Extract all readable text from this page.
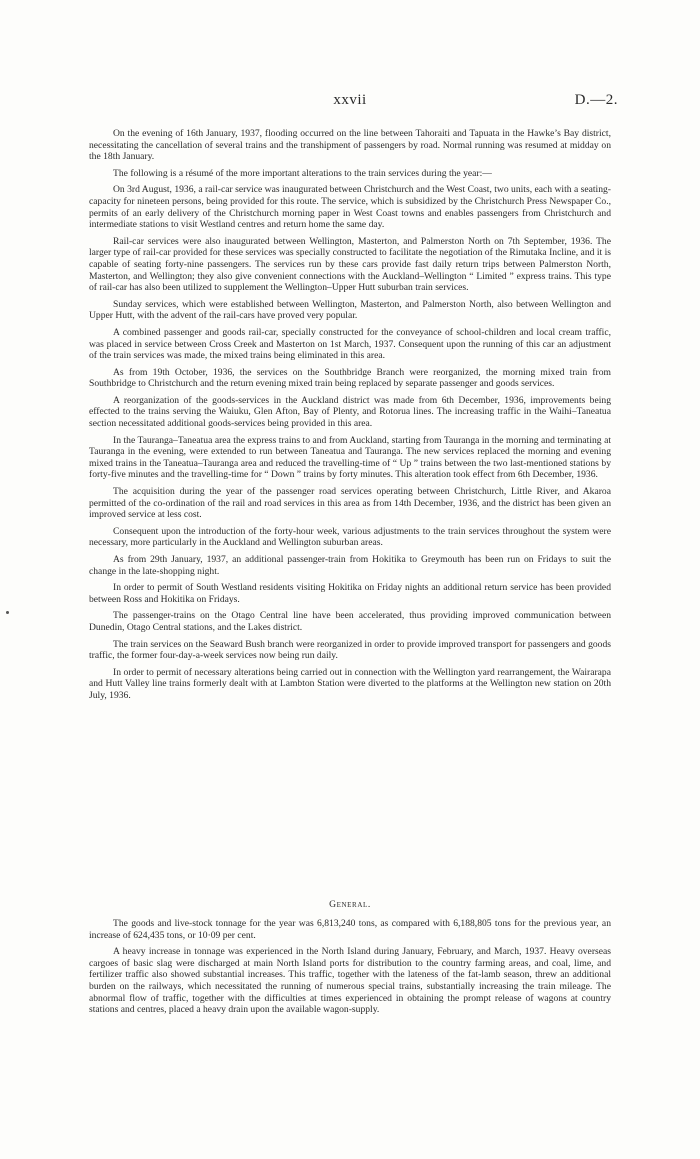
xxvii	D.—2.

On the evening of 16th January, 1937, flooding occurred on the line between Tahoraiti and Tapuata in the Hawke’s Bay district, necessitating the cancellation of several trains and the transhipment of passengers by road. Normal running was resumed at midday on the 18th January.

The following is a résumé of the more important alterations to the train services during the year:—

On 3rd August, 1936, a rail-car service was inaugurated between Christchurch and the West Coast, two units, each with a seating-capacity for nineteen persons, being provided for this route. The service, which is subsidized by the Christchurch Press Newspaper Co., permits of an early delivery of the Christchurch morning paper in West Coast towns and enables passengers from Christchurch and intermediate stations to visit Westland centres and return home the same day.

Rail-car services were also inaugurated between Wellington, Masterton, and Palmerston North on 7th September, 1936. The larger type of rail-car provided for these services was specially constructed to facilitate the negotiation of the Rimutaka Incline, and it is capable of seating forty-nine passengers. The services run by these cars provide fast daily return trips between Palmerston North, Masterton, and Wellington; they also give convenient connections with the Auckland–Wellington “ Limited ” express trains. This type of rail-car has also been utilized to supplement the Wellington–Upper Hutt suburban train services.

Sunday services, which were established between Wellington, Masterton, and Palmerston North, also between Wellington and Upper Hutt, with the advent of the rail-cars have proved very popular.

A combined passenger and goods rail-car, specially constructed for the conveyance of school-children and local cream traffic, was placed in service between Cross Creek and Masterton on 1st March, 1937. Consequent upon the running of this car an adjustment of the train services was made, the mixed trains being eliminated in this area.

As from 19th October, 1936, the services on the Southbridge Branch were reorganized, the morning mixed train from Southbridge to Christchurch and the return evening mixed train being replaced by separate passenger and goods services.

A reorganization of the goods-services in the Auckland district was made from 6th December, 1936, improvements being effected to the trains serving the Waiuku, Glen Afton, Bay of Plenty, and Rotorua lines. The increasing traffic in the Waihi–Taneatua section necessitated additional goods-services being provided in this area.

In the Tauranga–Taneatua area the express trains to and from Auckland, starting from Tauranga in the morning and terminating at Tauranga in the evening, were extended to run between Taneatua and Tauranga. The new services replaced the morning and evening mixed trains in the Taneatua–Tauranga area and reduced the travelling-time of “ Up ” trains between the two last-mentioned stations by forty-five minutes and the travelling-time for “ Down ” trains by forty minutes. This alteration took effect from 6th December, 1936.

The acquisition during the year of the passenger road services operating between Christchurch, Little River, and Akaroa permitted of the co-ordination of the rail and road services in this area as from 14th December, 1936, and the district has been given an improved service at less cost.

Consequent upon the introduction of the forty-hour week, various adjustments to the train services throughout the system were necessary, more particularly in the Auckland and Wellington suburban areas.

As from 29th January, 1937, an additional passenger-train from Hokitika to Greymouth has been run on Fridays to suit the change in the late-shopping night.

In order to permit of South Westland residents visiting Hokitika on Friday nights an additional return service has been provided between Ross and Hokitika on Fridays.

The passenger-trains on the Otago Central line have been accelerated, thus providing improved communication between Dunedin, Otago Central stations, and the Lakes district.

The train services on the Seaward Bush branch were reorganized in order to provide improved transport for passengers and goods traffic, the former four-day-a-week services now being run daily.

In order to permit of necessary alterations being carried out in connection with the Wellington yard rearrangement, the Wairarapa and Hutt Valley line trains formerly dealt with at Lambton Station were diverted to the platforms at the Wellington new station on 20th July, 1936.

General.

The goods and live-stock tonnage for the year was 6,813,240 tons, as compared with 6,188,805 tons for the previous year, an increase of 624,435 tons, or 10·09 per cent.

A heavy increase in tonnage was experienced in the North Island during January, February, and March, 1937. Heavy overseas cargoes of basic slag were discharged at main North Island ports for distribution to the country farming areas, and coal, lime, and fertilizer traffic also showed substantial increases. This traffic, together with the lateness of the fat-lamb season, threw an additional burden on the railways, which necessitated the running of numerous special trains, substantially increasing the train mileage. The abnormal flow of traffic, together with the difficulties at times experienced in obtaining the prompt release of wagons at country stations and centres, placed a heavy drain upon the available wagon-supply.
